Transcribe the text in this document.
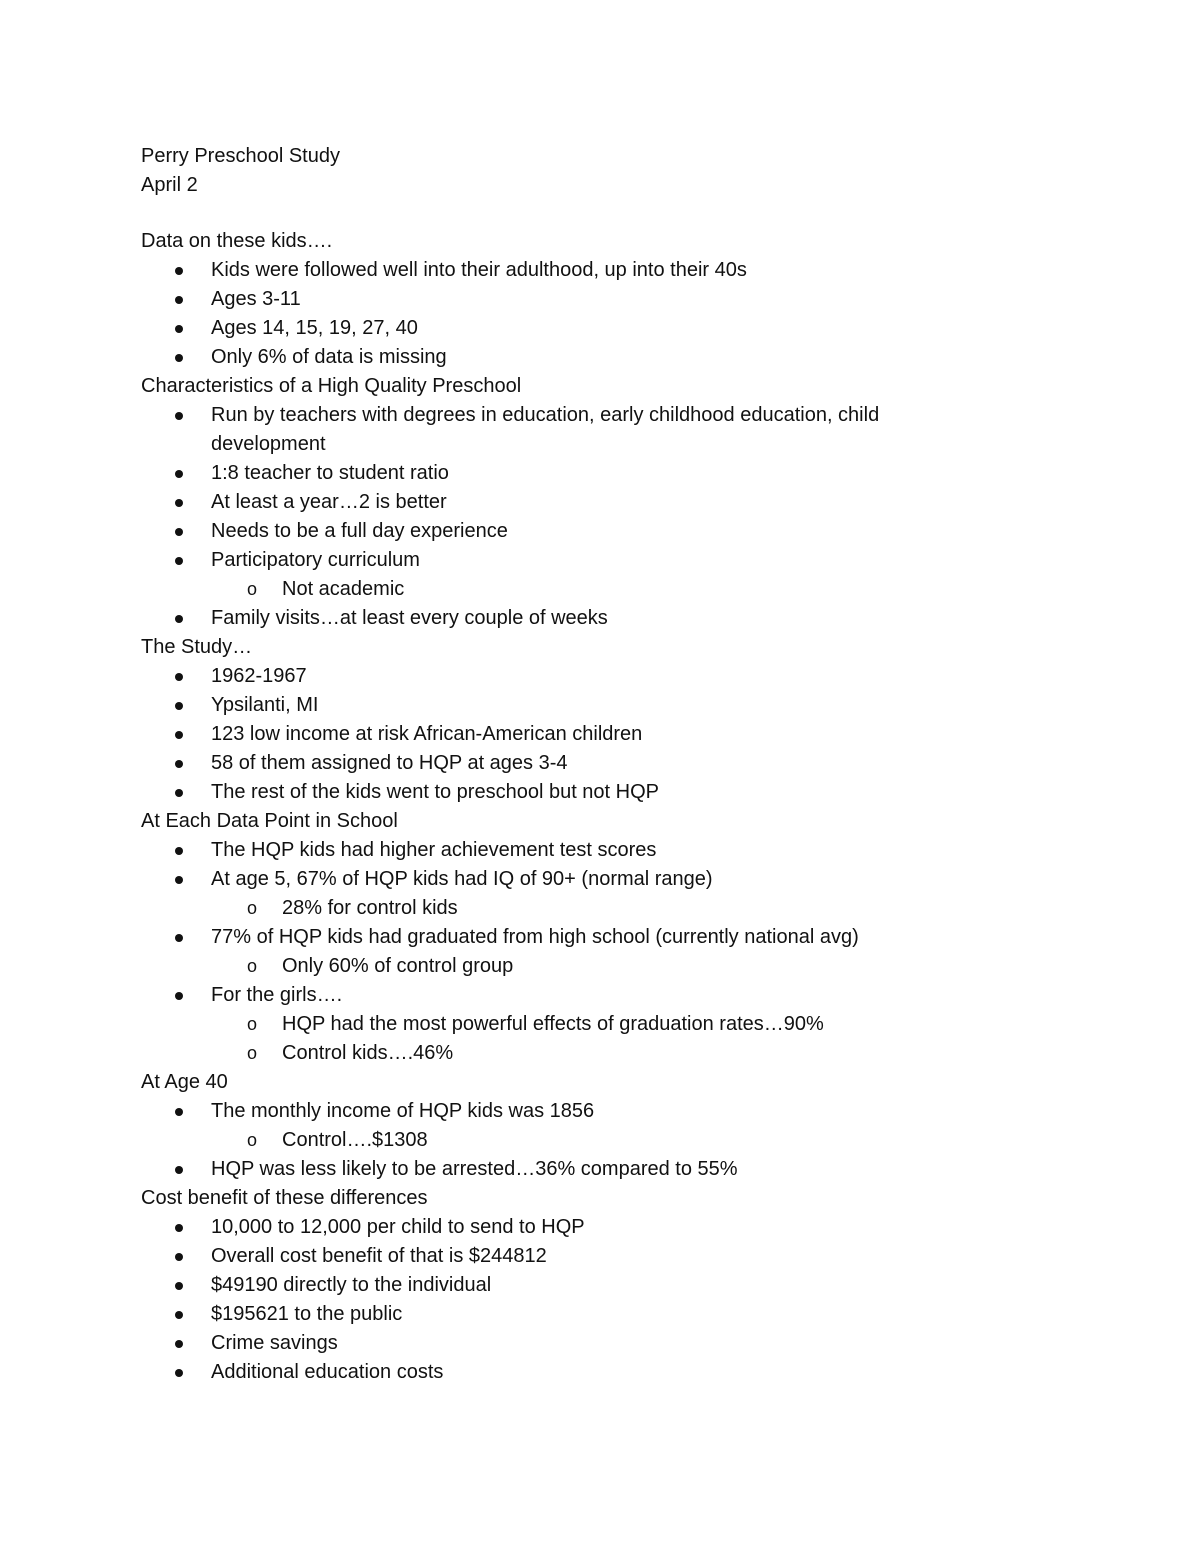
Perry Preschool Study

April 2

Data on these kids….

Kids were followed well into their adulthood, up into their 40s
Ages 3-11
Ages 14, 15, 19, 27, 40
Only 6% of data is missing

Characteristics of a High Quality Preschool

Run by teachers with degrees in education, early childhood education, child development
1:8 teacher to student ratio
At least a year…2 is better
Needs to be a full day experience
Participatory curriculum
o Not academic
Family visits…at least every couple of weeks

The Study…

1962-1967
Ypsilanti, MI
123 low income at risk African-American children
58 of them assigned to HQP at ages 3-4
The rest of the kids went to preschool but not HQP

At Each Data Point in School

The HQP kids had higher achievement test scores
At age 5, 67% of HQP kids had IQ of 90+ (normal range)
o 28% for control kids
77% of HQP kids had graduated from high school (currently national avg)
o Only 60% of control group
For the girls….
o HQP had the most powerful effects of graduation rates…90%
o Control kids….46%

At Age 40

The monthly income of HQP kids was 1856
o Control….$1308
HQP was less likely to be arrested…36% compared to 55%

Cost benefit of these differences

10,000 to 12,000 per child to send to HQP
Overall cost benefit of that is $244812
$49190 directly to the individual
$195621 to the public
Crime savings
Additional education costs
